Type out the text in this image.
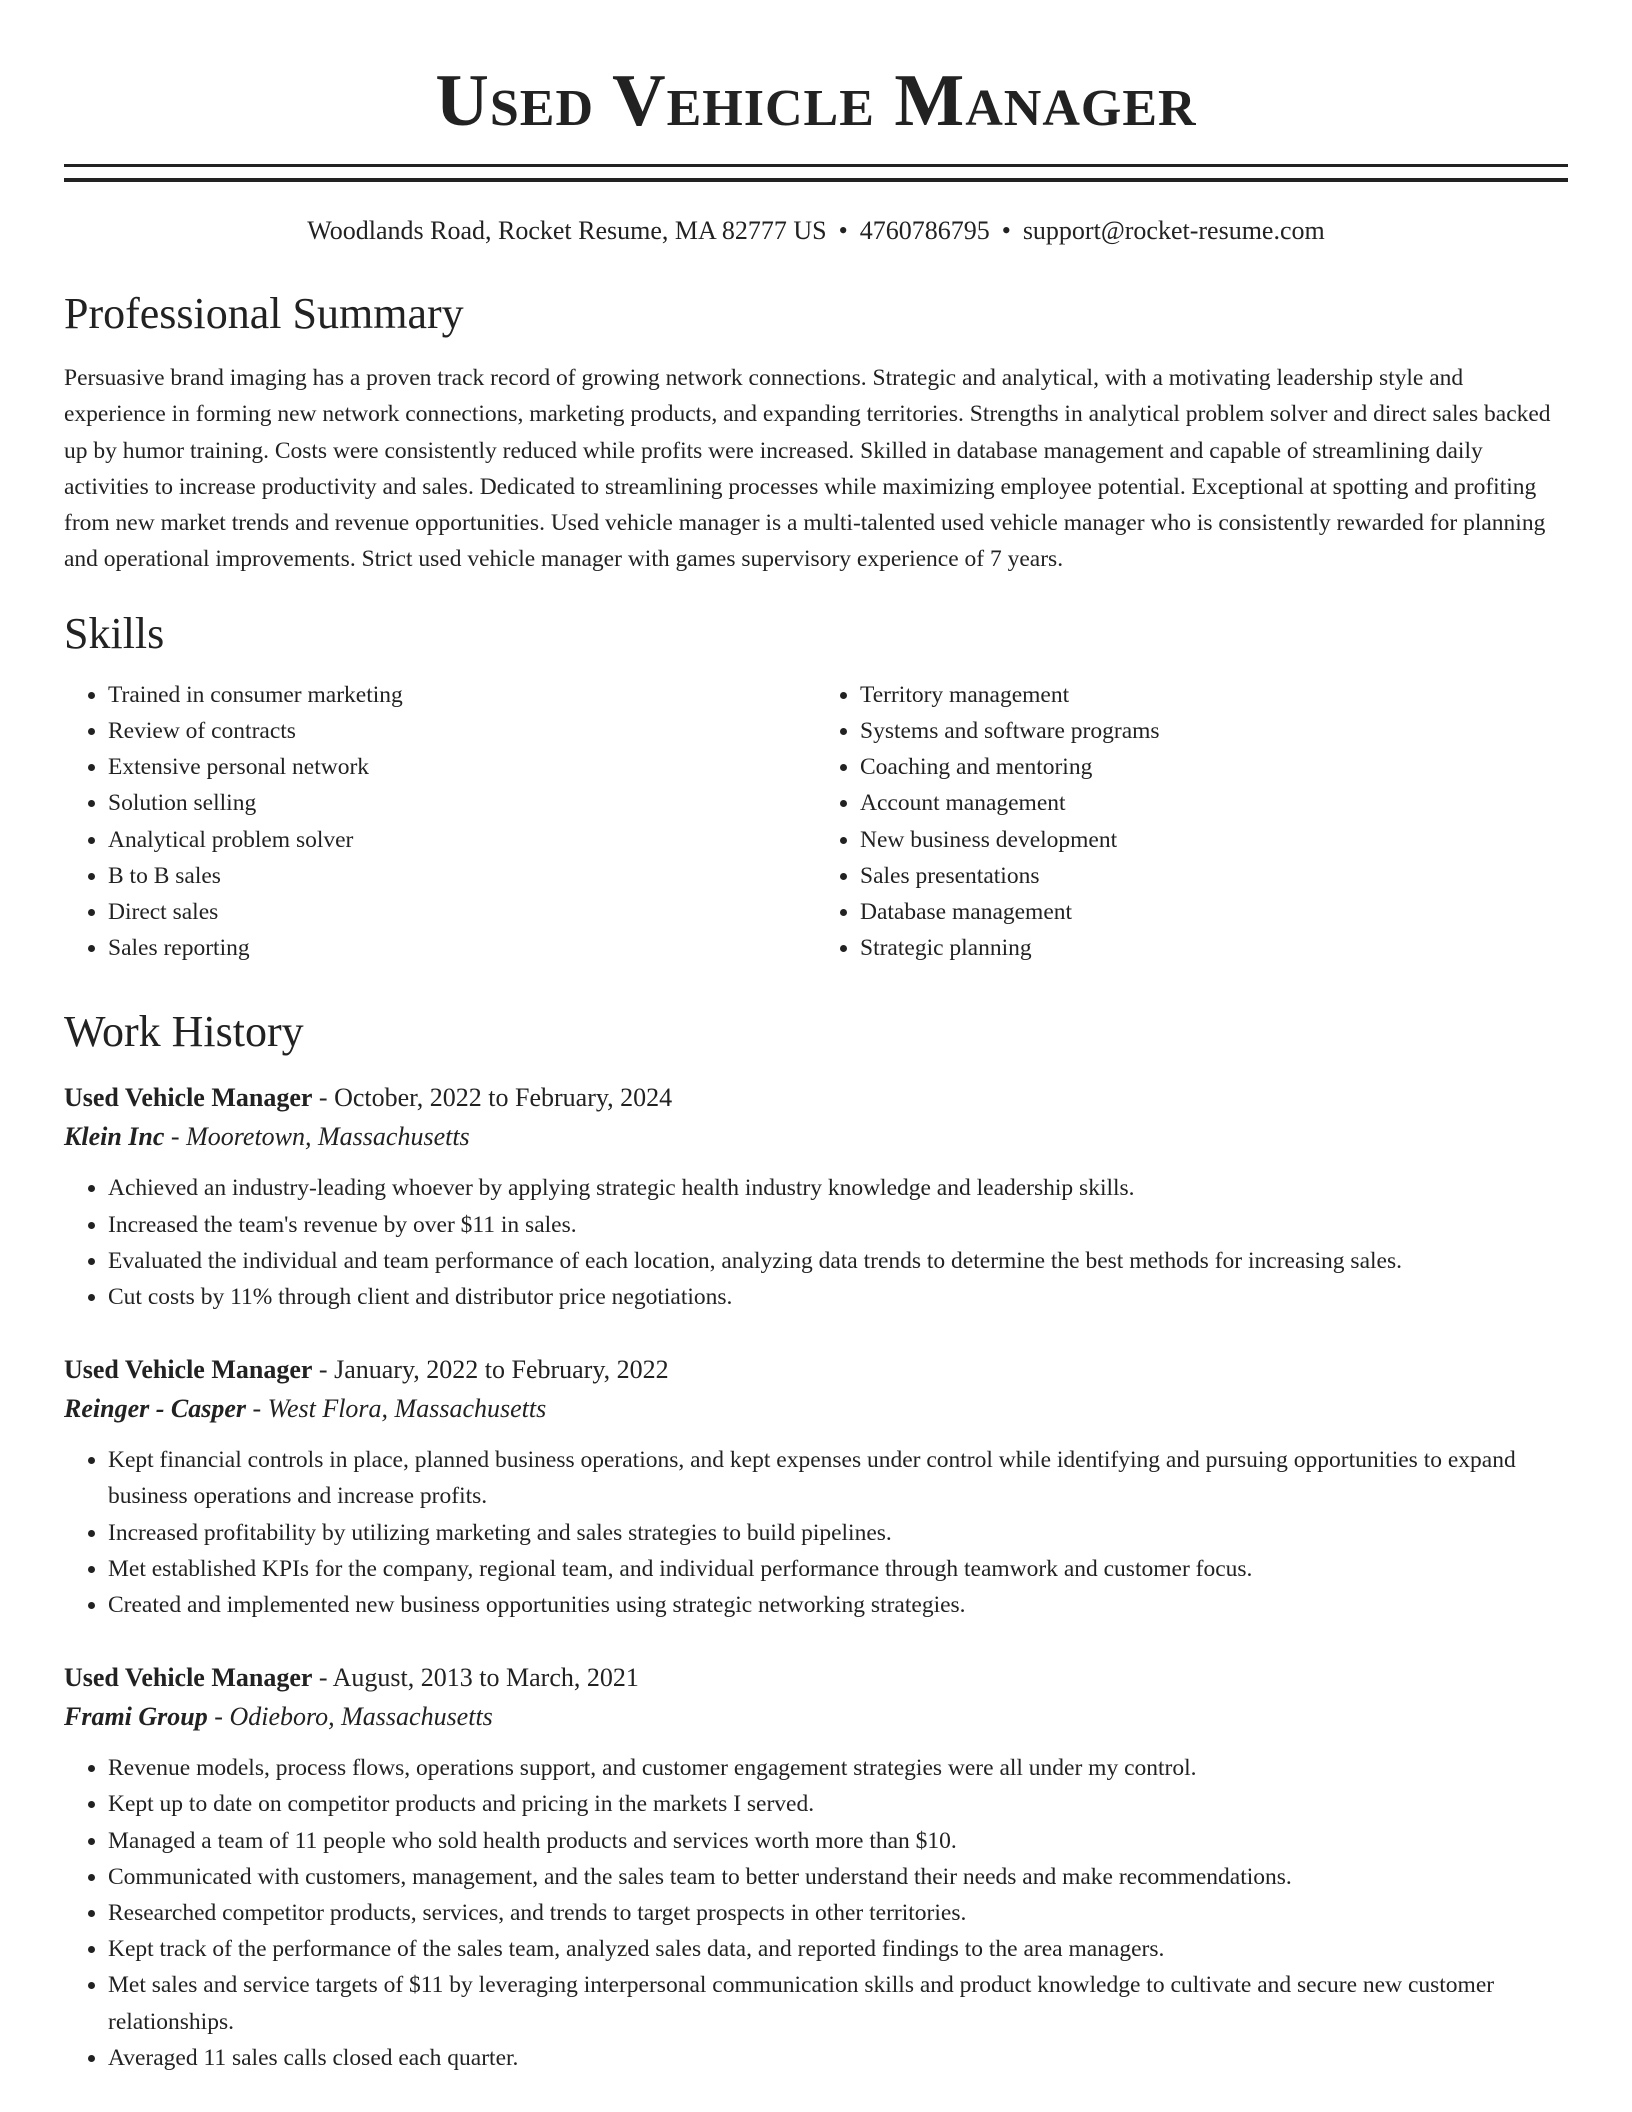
Used Vehicle Manager
Woodlands Road, Rocket Resume, MA 82777 US • 4760786795 • support@rocket-resume.com
Professional Summary

Persuasive brand imaging has a proven track record of growing network connections. Strategic and analytical, with a motivating leadership style and experience in forming new network connections, marketing products, and expanding territories. Strengths in analytical problem solver and direct sales backed up by humor training. Costs were consistently reduced while profits were increased. Skilled in database management and capable of streamlining daily activities to increase productivity and sales. Dedicated to streamlining processes while maximizing employee potential. Exceptional at spotting and profiting from new market trends and revenue opportunities. Used vehicle manager is a multi-talented used vehicle manager who is consistently rewarded for planning and operational improvements. Strict used vehicle manager with games supervisory experience of 7 years.

Skills
• Trained in consumer marketing
• Review of contracts
• Extensive personal network
• Solution selling
• Analytical problem solver
• B to B sales
• Direct sales
• Sales reporting
• Territory management
• Systems and software programs
• Coaching and mentoring
• Account management
• New business development
• Sales presentations
• Database management
• Strategic planning
Work History
Used Vehicle Manager - October, 2022 to February, 2024
Klein Inc - Mooretown, Massachusetts
• Achieved an industry-leading whoever by applying strategic health industry knowledge and leadership skills.
• Increased the team's revenue by over $11 in sales.
• Evaluated the individual and team performance of each location, analyzing data trends to determine the best methods for increasing sales.
• Cut costs by 11% through client and distributor price negotiations.
Used Vehicle Manager - January, 2022 to February, 2022
Reinger - Casper - West Flora, Massachusetts
• Kept financial controls in place, planned business operations, and kept expenses under control while identifying and pursuing opportunities to expand business operations and increase profits.
• Increased profitability by utilizing marketing and sales strategies to build pipelines.
• Met established KPIs for the company, regional team, and individual performance through teamwork and customer focus.
• Created and implemented new business opportunities using strategic networking strategies.
Used Vehicle Manager - August, 2013 to March, 2021
Frami Group - Odieboro, Massachusetts
• Revenue models, process flows, operations support, and customer engagement strategies were all under my control.
• Kept up to date on competitor products and pricing in the markets I served.
• Managed a team of 11 people who sold health products and services worth more than $10.
• Communicated with customers, management, and the sales team to better understand their needs and make recommendations.
• Researched competitor products, services, and trends to target prospects in other territories.
• Kept track of the performance of the sales team, analyzed sales data, and reported findings to the area managers.
• Met sales and service targets of $11 by leveraging interpersonal communication skills and product knowledge to cultivate and secure new customer relationships.
• Averaged 11 sales calls closed each quarter.
